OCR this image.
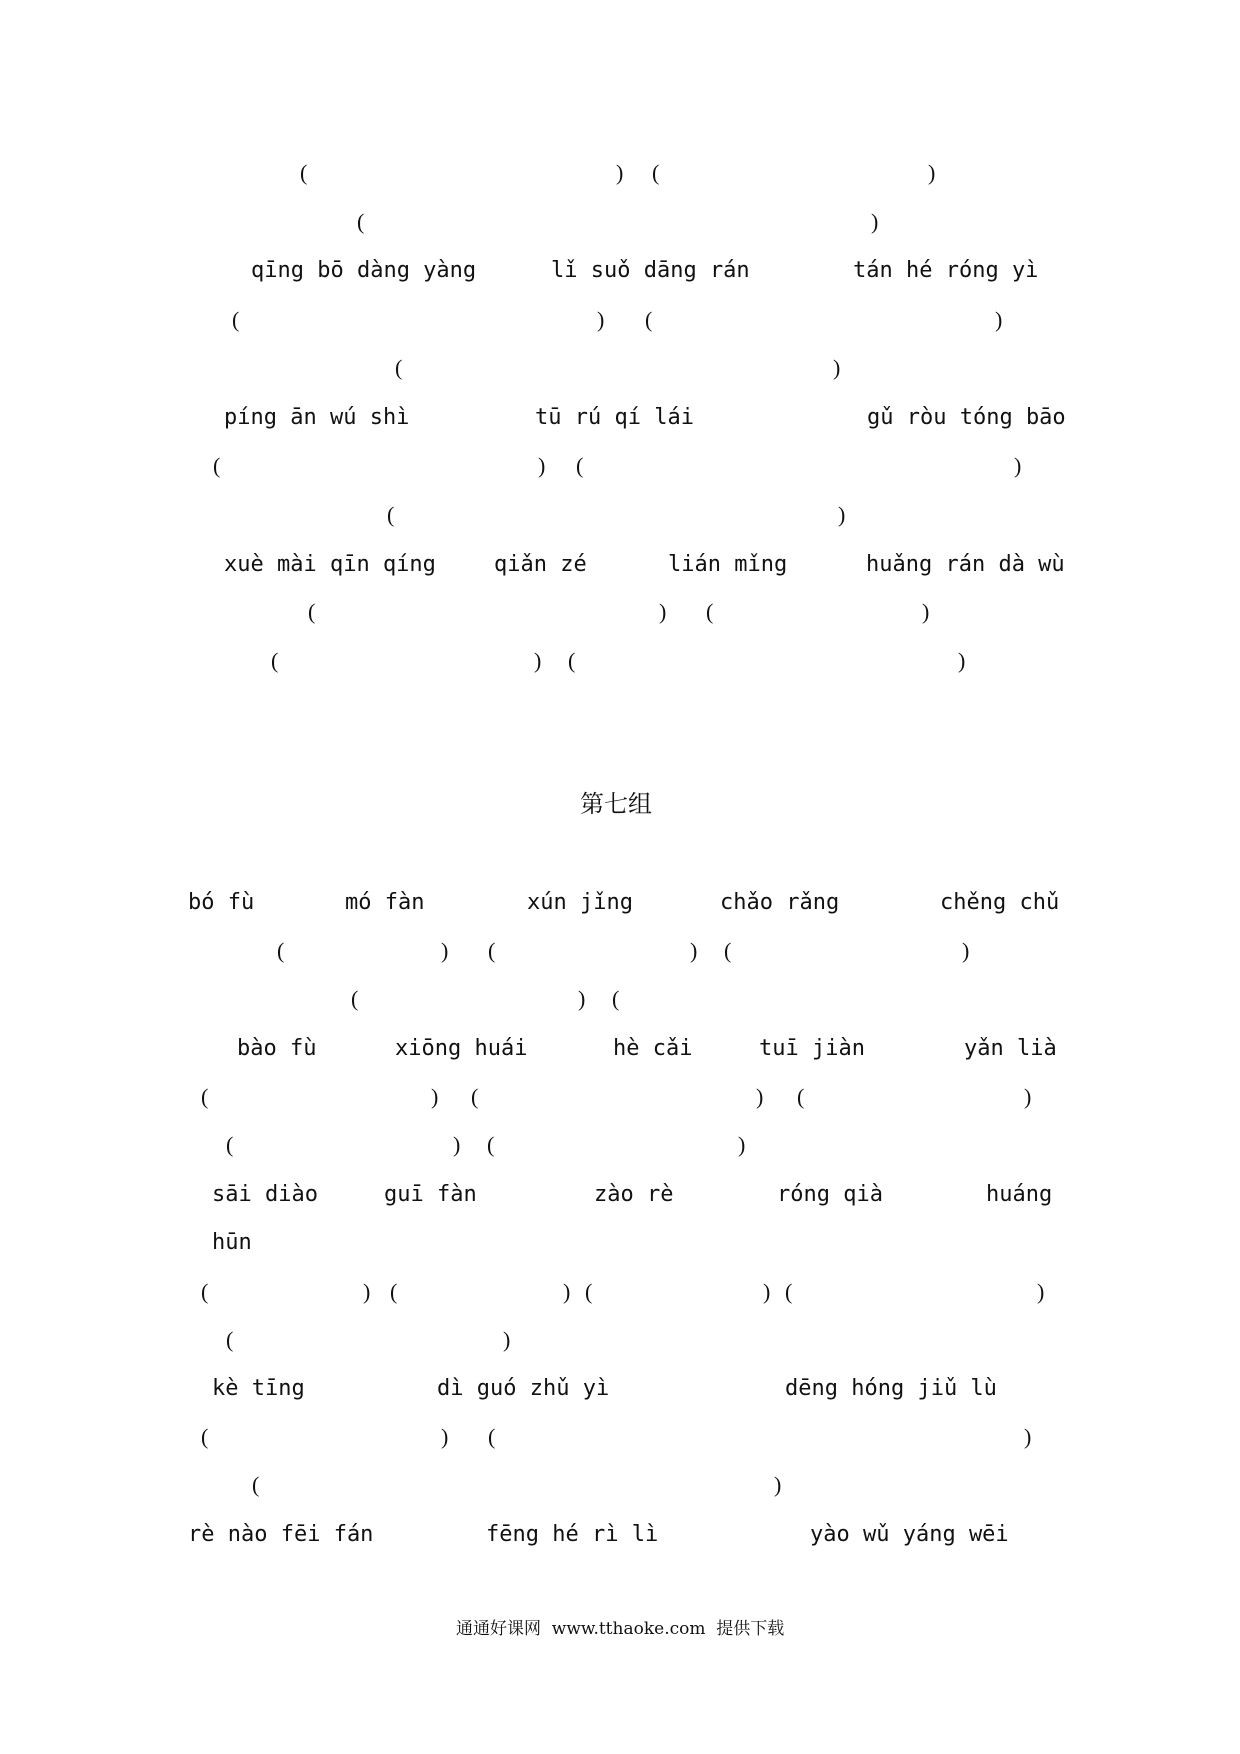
(	) (	)
(	)
qīng bō dàng yàng	lǐ suǒ dāng rán	tán hé róng yì
(	) (	)
(	)
píng ān wú shì	tū rú qí lái	gǔ ròu tóng bāo
(	) (	)
(	)
xuè mài qīn qíng	qiǎn zé	lián mǐng	huǎng rán dà wù
(	) (	)
(	) (	)
第七组
bó fù	mó fàn	xún jǐng	chǎo rǎng	chěng chǔ
(	) (	) (	)
(	) (
bào fù	xiōng huái	hè cǎi	tuī jiàn	yǎn lià
(	) (	) (	)
(	) (	)
sāi diào	guī fàn	zào rè	róng qià	huáng
hūn
(	) (	) (	) (	)
(	)
kè tīng	dì guó zhǔ yì	dēng hóng jiǔ lù
(	) (	)
(	)
rè nào fēi fán	fēng hé rì lì	yào wǔ yáng wēi
通通好课网  www.tthaoke.com  提供下载
